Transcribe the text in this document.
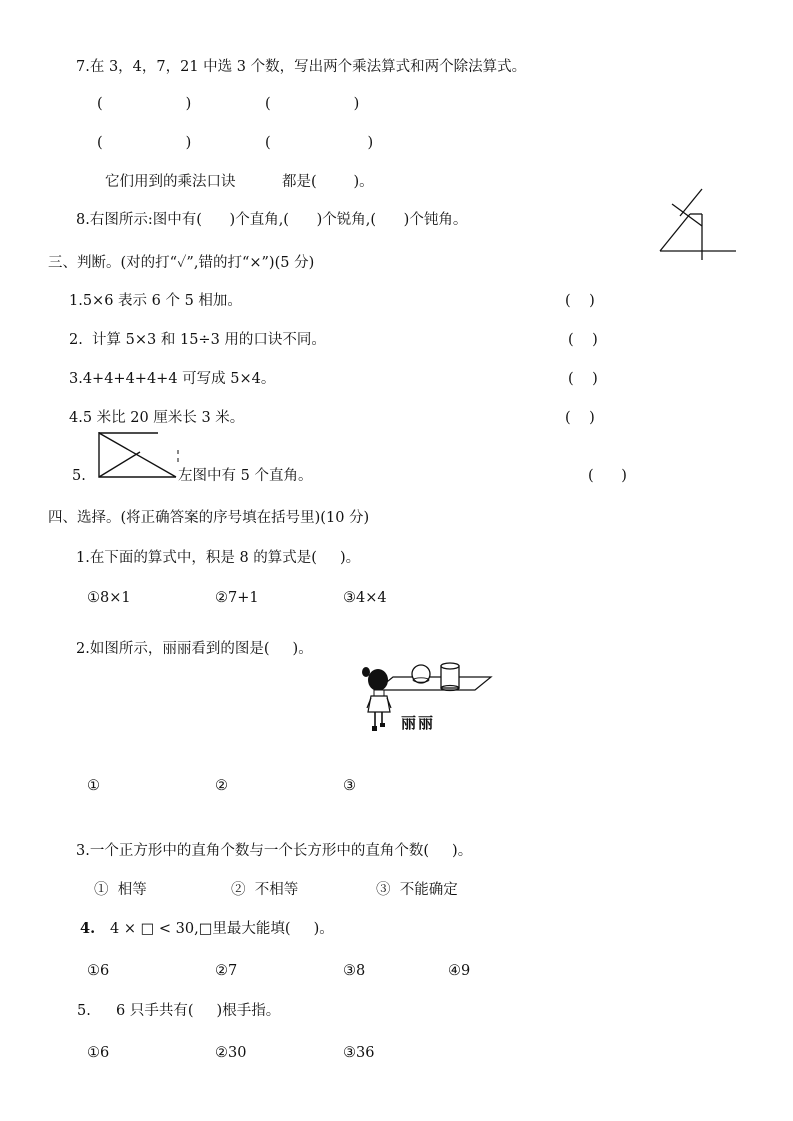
7.在 3，4，7，21 中选 3 个数，写出两个乘法算式和两个除法算式。
(                  )	(                  )
(                  )	(                     )
它们用到的乘法口诀	都是(        )。
8.右图所示:图中有(      )个直角,(      )个锐角,(      )个钝角。
三、判断。(对的打“✓”,错的打“×”)(5 分)
1.5×6 表示 6 个 5 相加。	(    )
2.  计算 5×3 和 15÷3 用的口诀不同。	(    )
3.4+4+4+4+4 可写成 5×4。	(    )
4.5 米比 20 厘米长 3 米。	(    )
5.	左图中有 5 个直角。	(      )
四、选择。(将正确答案的序号填在括号里)(10 分)
1.在下面的算式中，积是 8 的算式是(     )。
①8×1	②7+1	③4×4
2.如图所示，丽丽看到的图是(     )。
丽丽
①	②	③
3.一个正方形中的直角个数与一个长方形中的直角个数(     )。
①  相等	②  不相等	③  不能确定
4. 4 × □ < 30,□里最大能填(     )。
①6	②7	③8	④9
5. 6 只手共有(     )根手指。
①6	②30	③36
